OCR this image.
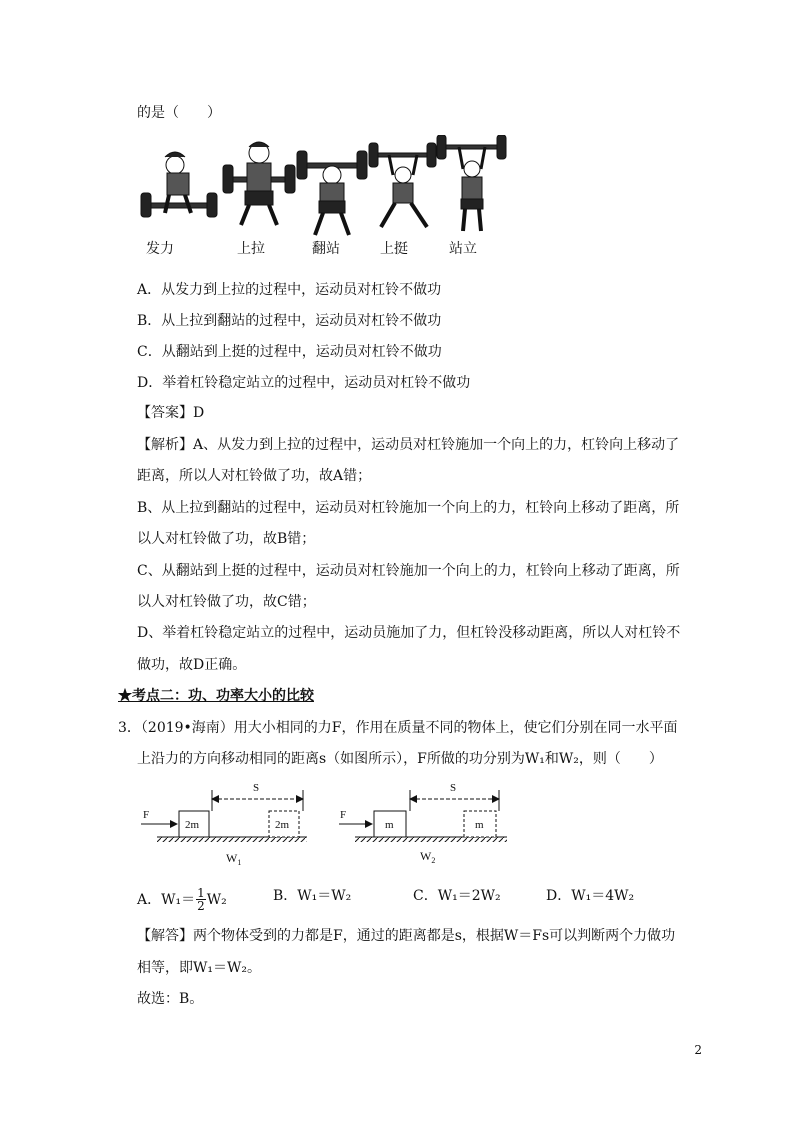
的是（　　）
发力	上拉	翻站	上挺	站立
A．从发力到上拉的过程中，运动员对杠铃不做功
B．从上拉到翻站的过程中，运动员对杠铃不做功
C．从翻站到上挺的过程中，运动员对杠铃不做功
D．举着杠铃稳定站立的过程中，运动员对杠铃不做功
【答案】D
【解析】A、从发力到上拉的过程中，运动员对杠铃施加一个向上的力，杠铃向上移动了
距离，所以人对杠铃做了功，故A错；
B、从上拉到翻站的过程中，运动员对杠铃施加一个向上的力，杠铃向上移动了距离，所
以人对杠铃做了功，故B错；
C、从翻站到上挺的过程中，运动员对杠铃施加一个向上的力，杠铃向上移动了距离，所
以人对杠铃做了功，故C错；
D、举着杠铃稳定站立的过程中，运动员施加了力，但杠铃没移动距离，所以人对杠铃不
做功，故D正确。
★考点二：功、功率大小的比较
3．（2019•海南）用大小相同的力F，作用在质量不同的物体上，使它们分别在同一水平面
上沿力的方向移动相同的距离s（如图所示），F所做的功分别为W₁和W₂，则（　　）
F
2m	2m
S
F
m	m
S
$W_1$	$W_2$
A．$W_1= \frac{1}{2} W_2$	B．W₁＝W₂	C．W₁＝2W₂	D．W₁＝4W₂
【解答】两个物体受到的力都是F，通过的距离都是s，根据W＝Fs可以判断两个力做功
相等，即W₁＝W₂。
故选：B。
2
